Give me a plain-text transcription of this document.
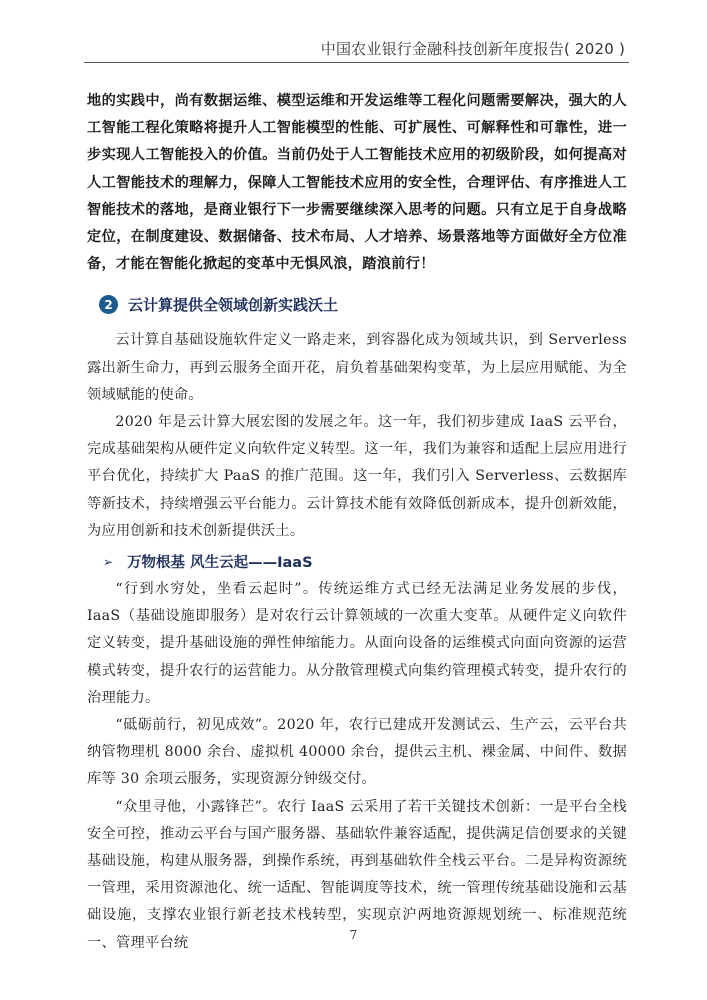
中国农业银行金融科技创新年度报告( 2020 )

地的实践中，尚有数据运维、模型运维和开发运维等工程化问题需要解决，强大的人工智能工程化策略将提升人工智能模型的性能、可扩展性、可解释性和可靠性，进一步实现人工智能投入的价值。当前仍处于人工智能技术应用的初级阶段，如何提高对人工智能技术的理解力，保障人工智能技术应用的安全性，合理评估、有序推进人工智能技术的落地，是商业银行下一步需要继续深入思考的问题。只有立足于自身战略定位，在制度建设、数据储备、技术布局、人才培养、场景落地等方面做好全方位准备，才能在智能化掀起的变革中无惧风浪，踏浪前行！

2	云计算提供全领域创新实践沃土

云计算自基础设施软件定义一路走来，到容器化成为领域共识，到 Serverless 露出新生命力，再到云服务全面开花，肩负着基础架构变革，为上层应用赋能、为全领域赋能的使命。

2020 年是云计算大展宏图的发展之年。这一年，我们初步建成 IaaS 云平台，完成基础架构从硬件定义向软件定义转型。这一年，我们为兼容和适配上层应用进行平台优化，持续扩大 PaaS 的推广范围。这一年，我们引入 Serverless、云数据库等新技术，持续增强云平台能力。云计算技术能有效降低创新成本，提升创新效能，为应用创新和技术创新提供沃土。

➢ 万物根基 风生云起——IaaS

“行到水穷处，坐看云起时”。传统运维方式已经无法满足业务发展的步伐，IaaS（基础设施即服务）是对农行云计算领域的一次重大变革。从硬件定义向软件定义转变，提升基础设施的弹性伸缩能力。从面向设备的运维模式向面向资源的运营模式转变，提升农行的运营能力。从分散管理模式向集约管理模式转变，提升农行的治理能力。

“砥砺前行，初见成效”。2020 年，农行已建成开发测试云、生产云，云平台共纳管物理机 8000 余台、虚拟机 40000 余台，提供云主机、裸金属、中间件、数据库等 30 余项云服务，实现资源分钟级交付。

“众里寻他，小露锋芒”。农行 IaaS 云采用了若干关键技术创新：一是平台全栈安全可控，推动云平台与国产服务器、基础软件兼容适配，提供满足信创要求的关键基础设施，构建从服务器，到操作系统，再到基础软件全栈云平台。二是异构资源统一管理，采用资源池化、统一适配、智能调度等技术，统一管理传统基础设施和云基础设施，支撑农业银行新老技术栈转型，实现京沪两地资源规划统一、标准规范统一、管理平台统	7
